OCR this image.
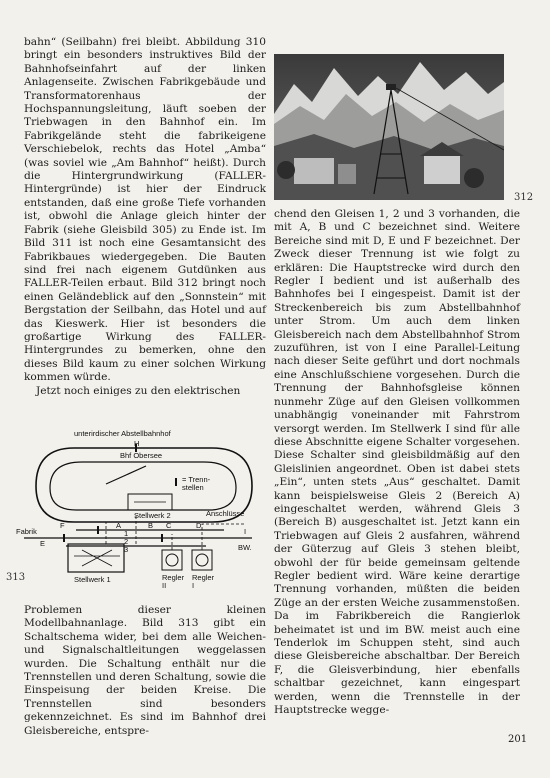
bahn“ (Seilbahn) frei bleibt. Abbildung 310 bringt ein besonders instruktives Bild der Bahnhofseinfahrt auf der linken Anlagenseite. Zwischen Fabrikgebäude und Transformatorenhaus der Hochspannungsleitung, läuft soeben der Triebwagen in den Bahnhof ein. Im Fabrikgelände steht die fabrikeigene Verschiebelok, rechts das Hotel „Amba“ (was soviel wie „Am Bahnhof“ heißt). Durch die Hintergrundwirkung (FALLER-Hintergründe) ist hier der Eindruck entstanden, daß eine große Tiefe vorhanden ist, obwohl die Anlage gleich hinter der Fabrik (siehe Gleisbild 305) zu Ende ist. Im Bild 311 ist noch eine Gesamtansicht des Fabrikbaues wiedergegeben. Die Bauten sind frei nach eigenem Gutdünken aus FALLER-Teilen erbaut. Bild 312 bringt noch einen Geländeblick auf den „Sonnstein“ mit Bergstation der Seilbahn, das Hotel und auf das Kieswerk. Hier ist besonders die großartige Wirkung des FALLER-Hintergrundes zu bemerken, ohne den dieses Bild kaum zu einer solchen Wirkung kommen würde.

Jetzt noch einiges zu den elektrischen

312

chend den Gleisen 1, 2 und 3 vorhanden, die mit A, B und C bezeichnet sind. Weitere Bereiche sind mit D, E und F bezeichnet. Der Zweck dieser Trennung ist wie folgt zu erklären: Die Hauptstrecke wird durch den Regler I bedient und ist außerhalb des Bahnhofes bei I eingespeist. Damit ist der Streckenbereich bis zum Abstellbahnhof unter Strom. Um auch dem linken Gleisbereich nach dem Abstellbahnhof Strom zuzuführen, ist von I eine Parallel-Leitung nach dieser Seite geführt und dort nochmals eine Anschlußschiene vorgesehen. Durch die Trennung der Bahnhofsgleise können nunmehr Züge auf den Gleisen vollkommen unabhängig voneinander mit Fahrstrom versorgt werden. Im Stellwerk I sind für alle diese Abschnitte eigene Schalter vorgesehen. Diese Schalter sind gleisbildmäßig auf den Gleislinien angeordnet. Oben ist dabei stets „Ein“, unten stets „Aus“ geschaltet. Damit kann beispielsweise Gleis 2 (Bereich A) eingeschaltet werden, während Gleis 3 (Bereich B) ausgeschaltet ist. Jetzt kann ein Triebwagen auf Gleis 2 ausfahren, während der Güterzug auf Gleis 3 stehen bleibt, obwohl der für beide gemeinsam geltende Regler bedient wird. Wäre keine derartige Trennung vorhanden, müßten die beiden Züge an der ersten Weiche zusammenstoßen. Da im Fabrikbereich die Rangierlok beheimatet ist und im BW. meist auch eine Tenderlok im Schuppen steht, sind auch diese Gleisbereiche abschaltbar. Der Bereich F, die Gleisverbindung, hier ebenfalls schaltbar gezeichnet, kann eingespart werden, wenn die Trennstelle in der Hauptstrecke wegge-

unterirdischer Abstellbahnhof
Bhf Obersee
= Trenn-stellen
Stellwerk 2	Anschlüsse
Fabrik
BW.
Stellwerk 1	Regler II
Regler I
H
A	B C	D
E
F
I
1
2
3
313

Problemen dieser kleinen Modellbahnanlage. Bild 313 gibt ein Schaltschema wider, bei dem alle Weichen- und Signalschaltleitungen weggelassen wurden. Die Schaltung enthält nur die Trennstellen und deren Schaltung, sowie die Einspeisung der beiden Kreise. Die Trennstellen sind besonders gekennzeichnet. Es sind im Bahnhof drei Gleisbereiche, entspre-

201
